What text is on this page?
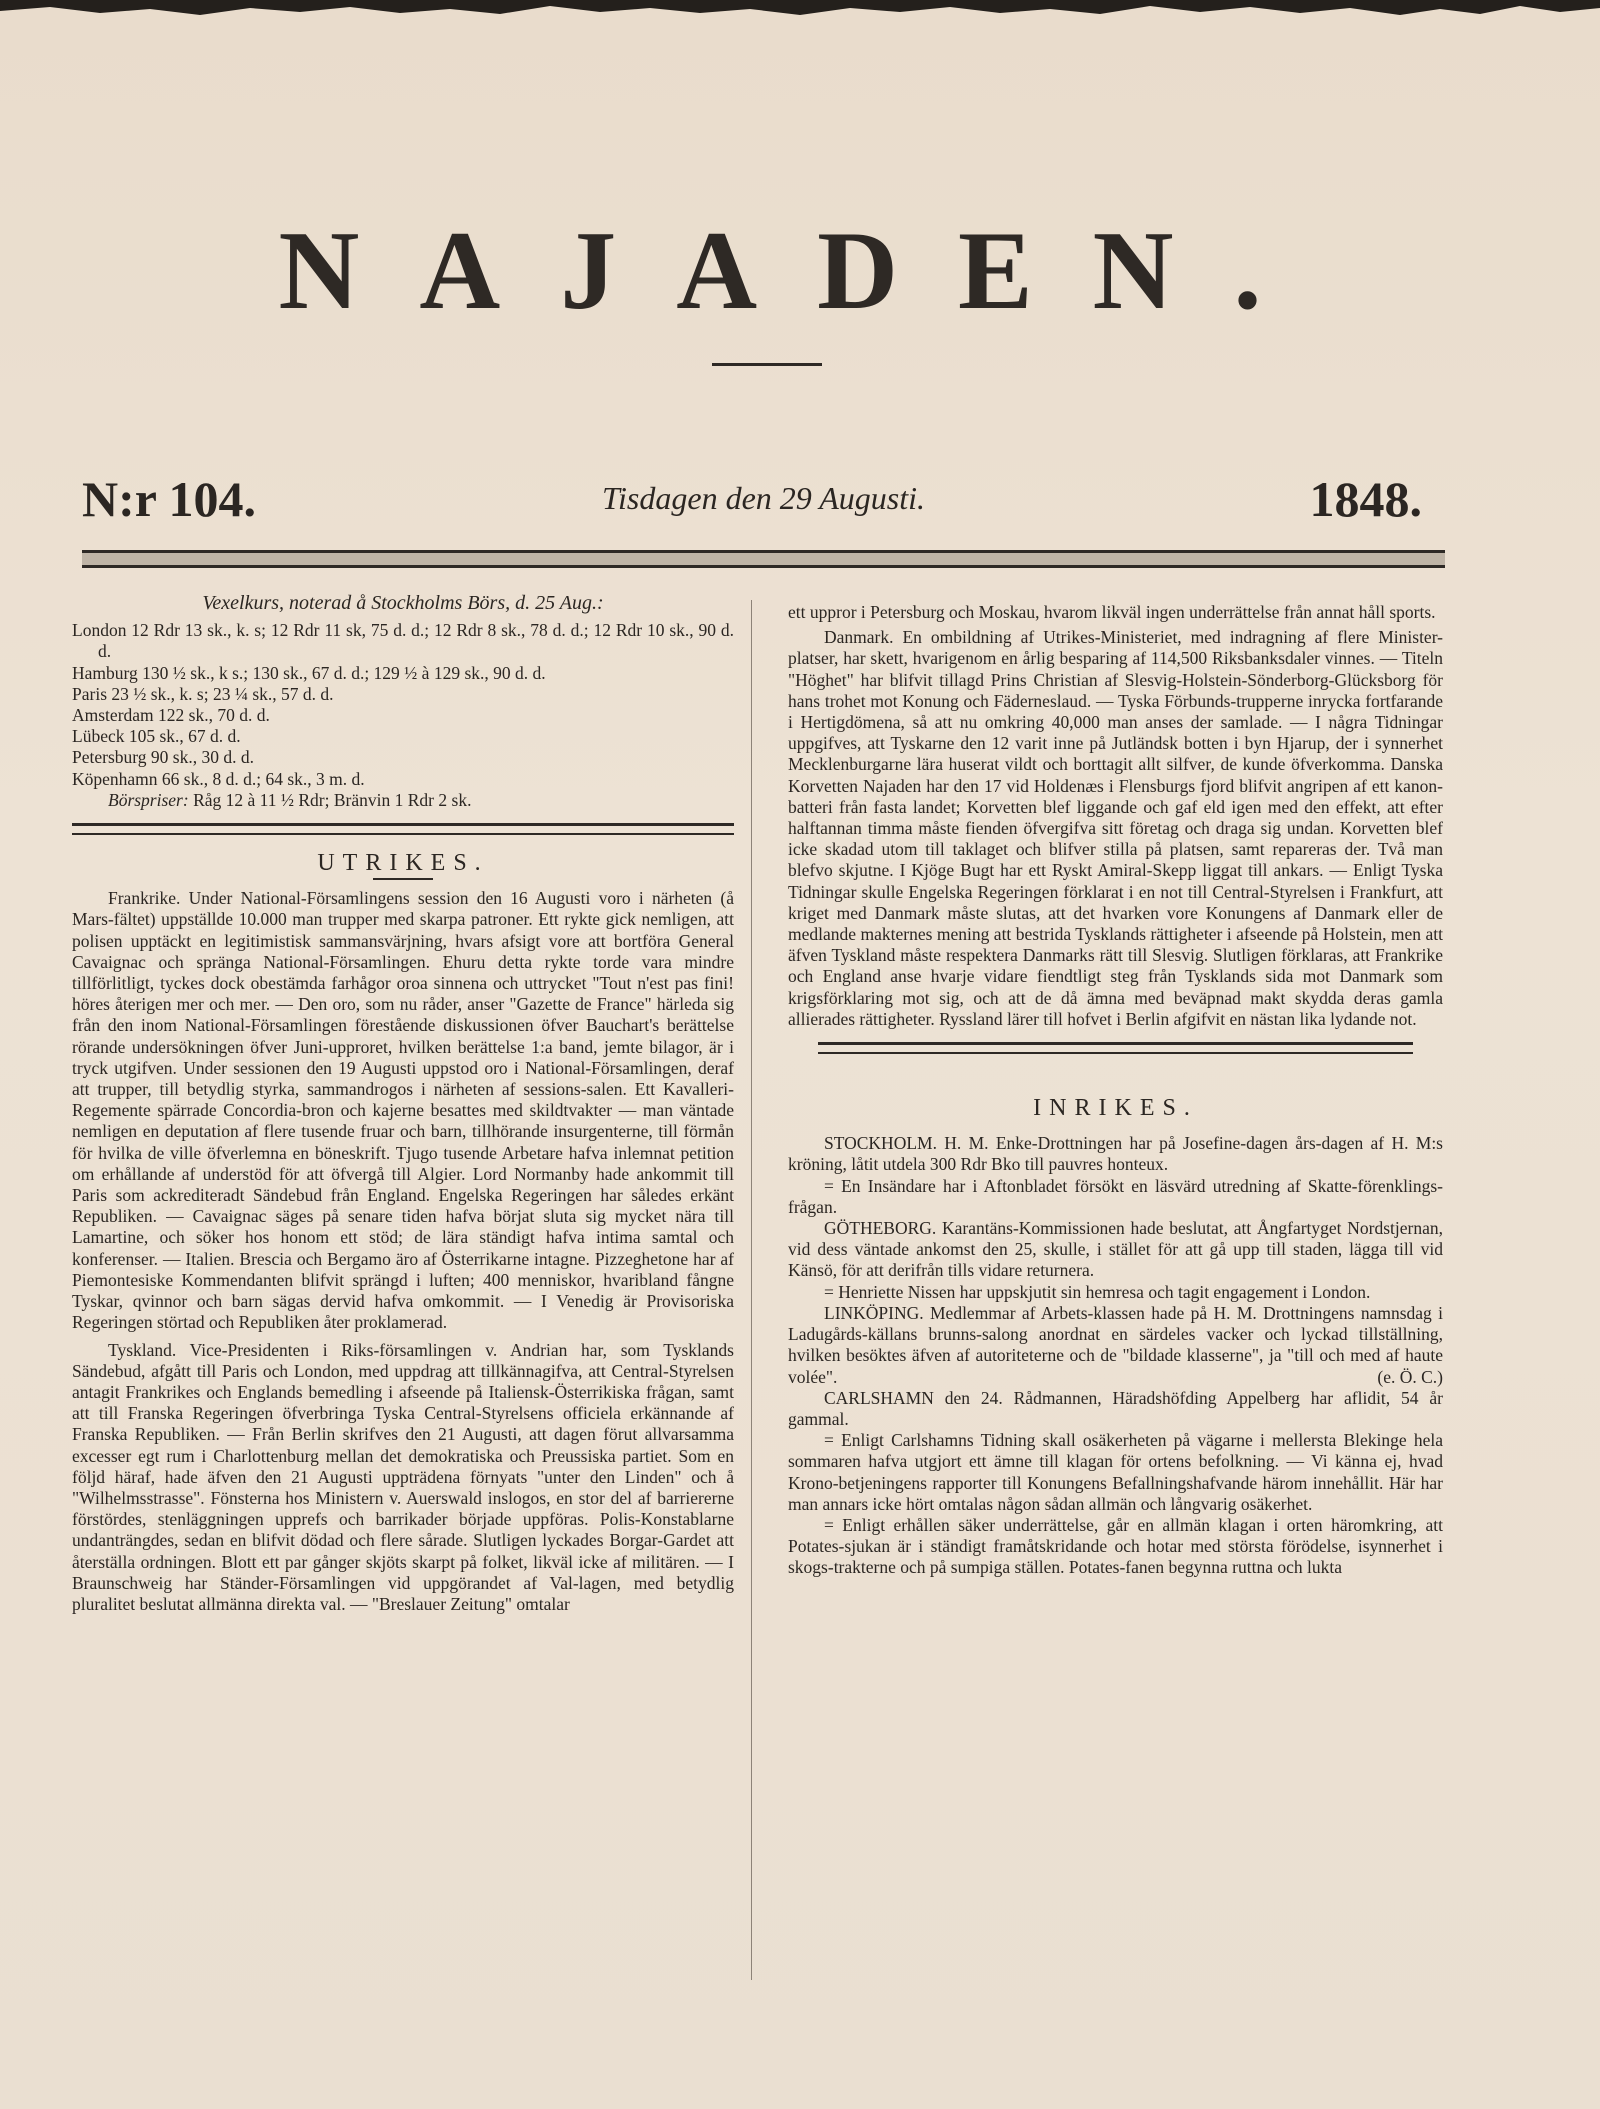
NAJADEN.
N:r 104.	Tisdagen den 29 Augusti.	1848.

Vexelkurs, noterad å Stockholms Börs, d. 25 Aug.:

London 12 Rdr 13 sk., k. s; 12 Rdr 11 sk, 75 d. d.; 12 Rdr 8 sk., 78 d. d.; 12 Rdr 10 sk., 90 d. d.

Hamburg 130 ½ sk., k s.; 130 sk., 67 d. d.; 129 ½ à 129 sk., 90 d. d.

Paris 23 ½ sk., k. s; 23 ¼ sk., 57 d. d.

Amsterdam 122 sk., 70 d. d.

Lübeck 105 sk., 67 d. d.

Petersburg 90 sk., 30 d. d.

Köpenhamn 66 sk., 8 d. d.; 64 sk., 3 m. d.

Börspriser: Råg 12 à 11 ½ Rdr; Bränvin 1 Rdr 2 sk.

UTRIKES.

Frankrike. Under National-Församlingens session den 16 Augusti voro i närheten (å Mars-fältet) uppställde 10.000 man trupper med skarpa patroner. Ett rykte gick nemligen, att polisen upptäckt en legitimistisk sammansvärjning, hvars afsigt vore att bortföra General Cavaignac och spränga National-Församlingen. Ehuru detta rykte torde vara mindre tillförlitligt, tyckes dock obestämda farhågor oroa sinnena och uttrycket "Tout n'est pas fini! höres återigen mer och mer. — Den oro, som nu råder, anser "Gazette de France" härleda sig från den inom National-Församlingen förestående diskussionen öfver Bauchart's berättelse rörande undersökningen öfver Juni-upproret, hvilken berättelse 1:a band, jemte bilagor, är i tryck utgifven. Under sessionen den 19 Augusti uppstod oro i National-Församlingen, deraf att trupper, till betydlig styrka, sammandrogos i närheten af sessions-salen. Ett Kavalleri-Regemente spärrade Concordia-bron och kajerne besattes med skildtvakter — man väntade nemligen en deputation af flere tusende fruar och barn, tillhörande insurgenterne, till förmån för hvilka de ville öfverlemna en böneskrift. Tjugo tusende Arbetare hafva inlemnat petition om erhållande af understöd för att öfvergå till Algier. Lord Normanby hade ankommit till Paris som ackrediteradt Sändebud från England. Engelska Regeringen har således erkänt Republiken. — Cavaignac säges på senare tiden hafva börjat sluta sig mycket nära till Lamartine, och söker hos honom ett stöd; de lära ständigt hafva intima samtal och konferenser. — Italien. Brescia och Bergamo äro af Österrikarne intagne. Pizzeghetone har af Piemontesiske Kommendanten blifvit sprängd i luften; 400 menniskor, hvaribland fångne Tyskar, qvinnor och barn sägas dervid hafva omkommit. — I Venedig är Provisoriska Regeringen störtad och Republiken åter proklamerad.

Tyskland. Vice-Presidenten i Riks-församlingen v. Andrian har, som Tysklands Sändebud, afgått till Paris och London, med uppdrag att tillkännagifva, att Central-Styrelsen antagit Frankrikes och Englands bemedling i afseende på Italiensk-Österrikiska frågan, samt att till Franska Regeringen öfverbringa Tyska Central-Styrelsens officiela erkännande af Franska Republiken. — Från Berlin skrifves den 21 Augusti, att dagen förut allvarsamma excesser egt rum i Charlottenburg mellan det demokratiska och Preussiska partiet. Som en följd häraf, hade äfven den 21 Augusti uppträdena förnyats "unter den Linden" och å "Wilhelmsstrasse". Fönsterna hos Ministern v. Auerswald inslogos, en stor del af barriererne förstördes, stenläggningen upprefs och barrikader började uppföras. Polis-Konstablarne undanträngdes, sedan en blifvit dödad och flere sårade. Slutligen lyckades Borgar-Gardet att återställa ordningen. Blott ett par gånger skjöts skarpt på folket, likväl icke af militären. — I Braunschweig har Ständer-Församlingen vid uppgörandet af Val-lagen, med betydlig pluralitet beslutat allmänna direkta val. — "Breslauer Zeitung" omtalar

ett uppror i Petersburg och Moskau, hvarom likväl ingen underrättelse från annat håll sports.

Danmark. En ombildning af Utrikes-Ministeriet, med indragning af flere Minister-platser, har skett, hvarigenom en årlig besparing af 114,500 Riksbanksdaler vinnes. — Titeln "Höghet" har blifvit tillagd Prins Christian af Slesvig-Holstein-Sönderborg-Glücksborg för hans trohet mot Konung och Fäderneslaud. — Tyska Förbunds-trupperne inrycka fortfarande i Hertigdömena, så att nu omkring 40,000 man anses der samlade. — I några Tidningar uppgifves, att Tyskarne den 12 varit inne på Jutländsk botten i byn Hjarup, der i synnerhet Mecklenburgarne lära huserat vildt och borttagit allt silfver, de kunde öfverkomma. Danska Korvetten Najaden har den 17 vid Holdenæs i Flensburgs fjord blifvit angripen af ett kanon-batteri från fasta landet; Korvetten blef liggande och gaf eld igen med den effekt, att efter halftannan timma måste fienden öfvergifva sitt företag och draga sig undan. Korvetten blef icke skadad utom till taklaget och blifver stilla på platsen, samt repareras der. Två man blefvo skjutne. I Kjöge Bugt har ett Ryskt Amiral-Skepp liggat till ankars. — Enligt Tyska Tidningar skulle Engelska Regeringen förklarat i en not till Central-Styrelsen i Frankfurt, att kriget med Danmark måste slutas, att det hvarken vore Konungens af Danmark eller de medlande makternes mening att bestrida Tysklands rättigheter i afseende på Holstein, men att äfven Tyskland måste respektera Danmarks rätt till Slesvig. Slutligen förklaras, att Frankrike och England anse hvarje vidare fiendtligt steg från Tysklands sida mot Danmark som krigsförklaring mot sig, och att de då ämna med beväpnad makt skydda deras gamla allierades rättigheter. Ryssland lärer till hofvet i Berlin afgifvit en nästan lika lydande not.

INRIKES.

STOCKHOLM. H. M. Enke-Drottningen har på Josefine-dagen års-dagen af H. M:s kröning, låtit utdela 300 Rdr Bko till pauvres honteux.

= En Insändare har i Aftonbladet försökt en läsvärd utredning af Skatte-förenklings-frågan.

GÖTHEBORG. Karantäns-Kommissionen hade beslutat, att Ångfartyget Nordstjernan, vid dess väntade ankomst den 25, skulle, i stället för att gå upp till staden, lägga till vid Känsö, för att derifrån tills vidare returnera.

= Henriette Nissen har uppskjutit sin hemresa och tagit engagement i London.

LINKÖPING. Medlemmar af Arbets-klassen hade på H. M. Drottningens namnsdag i Ladugårds-källans brunns-salong anordnat en särdeles vacker och lyckad tillställning, hvilken besöktes äfven af autoriteterne och de "bildade klasserne", ja "till och med af haute volée".	(e. Ö. C.)

CARLSHAMN den 24. Rådmannen, Häradshöfding Appelberg har aflidit, 54 år gammal.

= Enligt Carlshamns Tidning skall osäkerheten på vägarne i mellersta Blekinge hela sommaren hafva utgjort ett ämne till klagan för ortens befolkning. — Vi känna ej, hvad Krono-betjeningens rapporter till Konungens Befallningshafvande härom innehållit. Här har man annars icke hört omtalas någon sådan allmän och långvarig osäkerhet.

= Enligt erhållen säker underrättelse, går en allmän klagan i orten häromkring, att Potates-sjukan är i ständigt framåtskridande och hotar med största förödelse, isynnerhet i skogs-trakterne och på sumpiga ställen. Potates-fanen begynna ruttna och lukta
